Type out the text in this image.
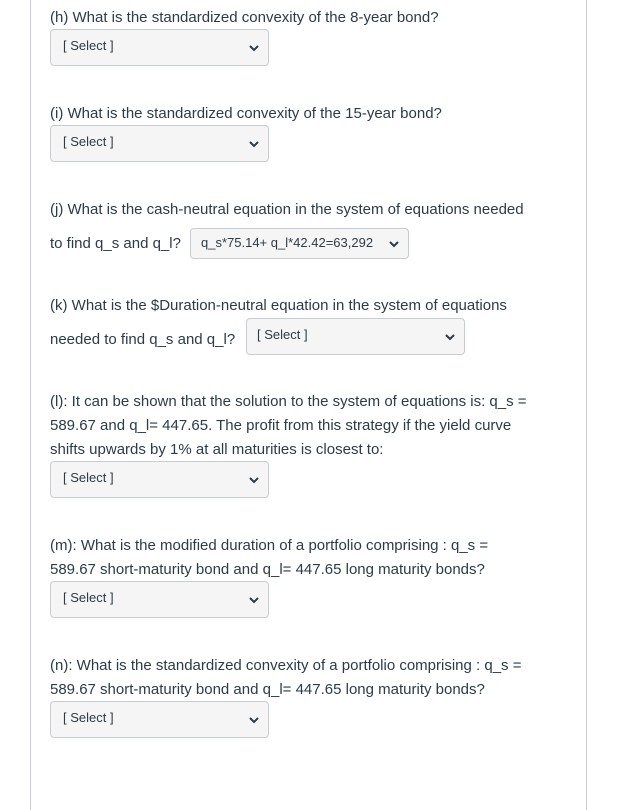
(h) What is the standardized convexity of the 8-year bond?
[ Select ]
(i) What is the standardized convexity of the 15-year bond?
[ Select ]
(j) What is the cash-neutral equation in the system of equations needed
to find q_s and q_l?	q_s*75.14+ q_l*42.42=63,292
(k) What is the $Duration-neutral equation in the system of equations
needed to find q_s and q_l?	[ Select ]
(l): It can be shown that the solution to the system of equations is: q_s =
589.67 and q_l= 447.65. The profit from this strategy if the yield curve
shifts upwards by 1% at all maturities is closest to:
[ Select ]
(m): What is the modified duration of a portfolio comprising : q_s =
589.67 short-maturity bond and q_l= 447.65 long maturity bonds?
[ Select ]
(n): What is the standardized convexity of a portfolio comprising : q_s =
589.67 short-maturity bond and q_l= 447.65 long maturity bonds?
[ Select ]
